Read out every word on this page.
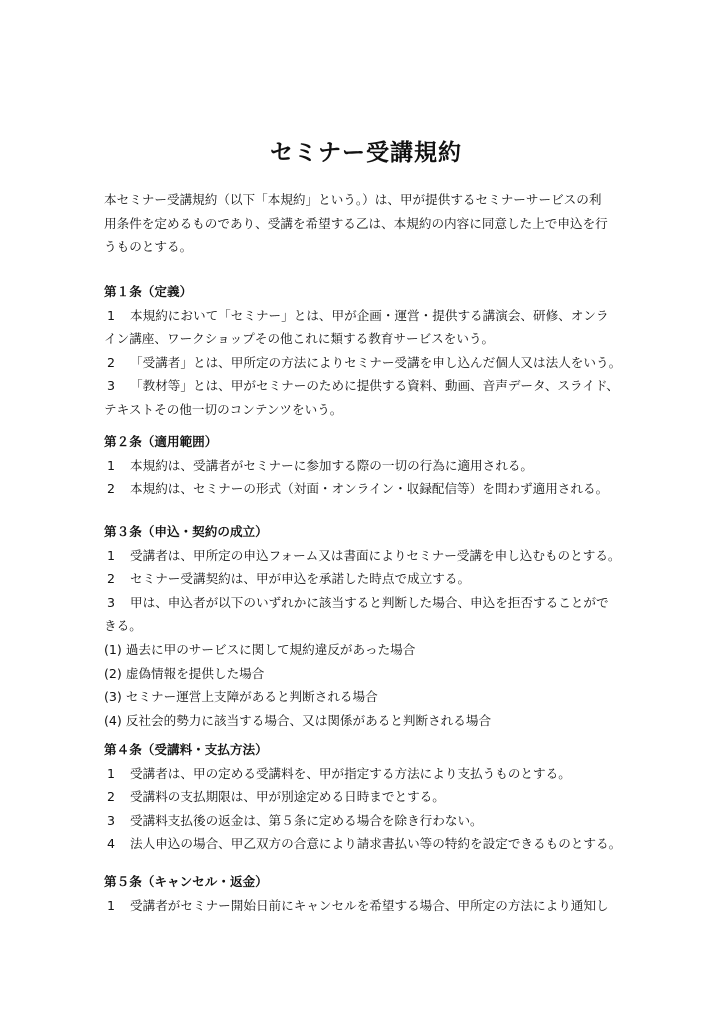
セミナー受講規約

本セミナー受講規約（以下「本規約」という。）は、甲が提供するセミナーサービスの利

用条件を定めるものであり、受講を希望する乙は、本規約の内容に同意した上で申込を行

うものとする。

第１条（定義）

1 本規約において「セミナー」とは、甲が企画・運営・提供する講演会、研修、オンラ

イン講座、ワークショップその他これに類する教育サービスをいう。

2 「受講者」とは、甲所定の方法によりセミナー受講を申し込んだ個人又は法人をいう。

3 「教材等」とは、甲がセミナーのために提供する資料、動画、音声データ、スライド、

テキストその他一切のコンテンツをいう。

第２条（適用範囲）

1 本規約は、受講者がセミナーに参加する際の一切の行為に適用される。

2 本規約は、セミナーの形式（対面・オンライン・収録配信等）を問わず適用される。

第３条（申込・契約の成立）

1 受講者は、甲所定の申込フォーム又は書面によりセミナー受講を申し込むものとする。

2 セミナー受講契約は、甲が申込を承諾した時点で成立する。

3 甲は、申込者が以下のいずれかに該当すると判断した場合、申込を拒否することがで

きる。

(1) 過去に甲のサービスに関して規約違反があった場合

(2) 虚偽情報を提供した場合

(3) セミナー運営上支障があると判断される場合

(4) 反社会的勢力に該当する場合、又は関係があると判断される場合

第４条（受講料・支払方法）

1 受講者は、甲の定める受講料を、甲が指定する方法により支払うものとする。

2 受講料の支払期限は、甲が別途定める日時までとする。

3 受講料支払後の返金は、第５条に定める場合を除き行わない。

4 法人申込の場合、甲乙双方の合意により請求書払い等の特約を設定できるものとする。

第５条（キャンセル・返金）

1 受講者がセミナー開始日前にキャンセルを希望する場合、甲所定の方法により通知し
